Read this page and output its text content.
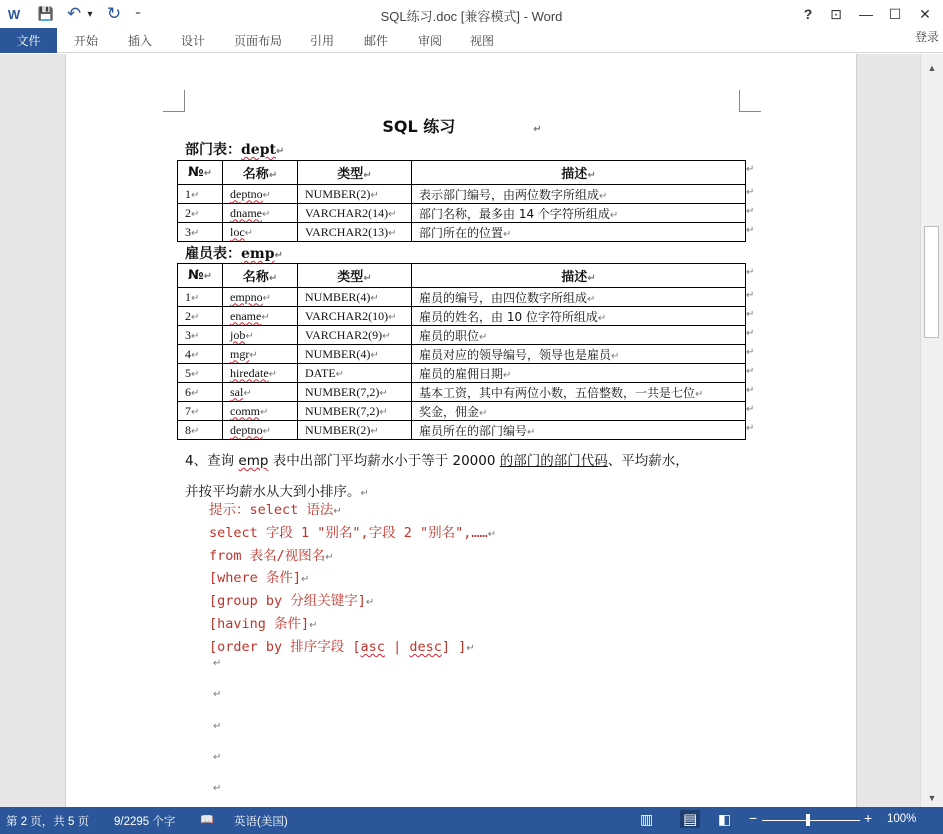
W 💾 ↶ ▾ ↻	⁼	SQL练习.doc [兼容模式] - Word	?	⊡	—	☐	✕
文件	开始 插入 设计 页面布局 引用 邮件 审阅 视图	登录
SQL 练习	↵
部门表：dept↵
№↵	名称↵	类型↵	描述↵
1↵	deptno↵	NUMBER(2)↵	表示部门编号，由两位数字所组成↵
2↵	dname↵	VARCHAR2(14)↵	部门名称，最多由 14 个字符所组成↵
3↵	loc↵	VARCHAR2(13)↵	部门所在的位置↵
雇员表：emp↵
№↵	名称↵	类型↵	描述↵
1↵	empno↵	NUMBER(4)↵	雇员的编号，由四位数字所组成↵
2↵	ename↵	VARCHAR2(10)↵	雇员的姓名，由 10 位字符所组成↵
3↵	job↵	VARCHAR2(9)↵	雇员的职位↵
4↵	mgr↵	NUMBER(4)↵	雇员对应的领导编号，领导也是雇员↵
5↵	hiredate↵	DATE↵	雇员的雇佣日期↵
6↵	sal↵	NUMBER(7,2)↵	基本工资，其中有两位小数，五倍整数，一共是七位↵
7↵	comm↵	NUMBER(7,2)↵	奖金，佣金↵
8↵	deptno↵	NUMBER(2)↵	雇员所在的部门编号↵
↵
↵
4、查询 emp 表中出部门平均薪水小于等于 20000 的部门的部门代码、平均薪水，
并按平均薪水从大到小排序。↵
提示：select 语法↵
select 字段 1 "别名",字段 2 "别名",……↵
from 表名/视图名↵
[where 条件]↵
[group by 分组关键字]↵
[having 条件]↵
[order by 排序字段 [asc | desc] ]↵
↵
↵
↵
↵
↵
↵
↵
↵
↵
↵
↵
↵
↵
↵
↵
↵
▲
▼
第 2 页，共 5 页 9/2295 个字 📖 英语(美国)	▥ ▤ ◧ −	+ 100%
